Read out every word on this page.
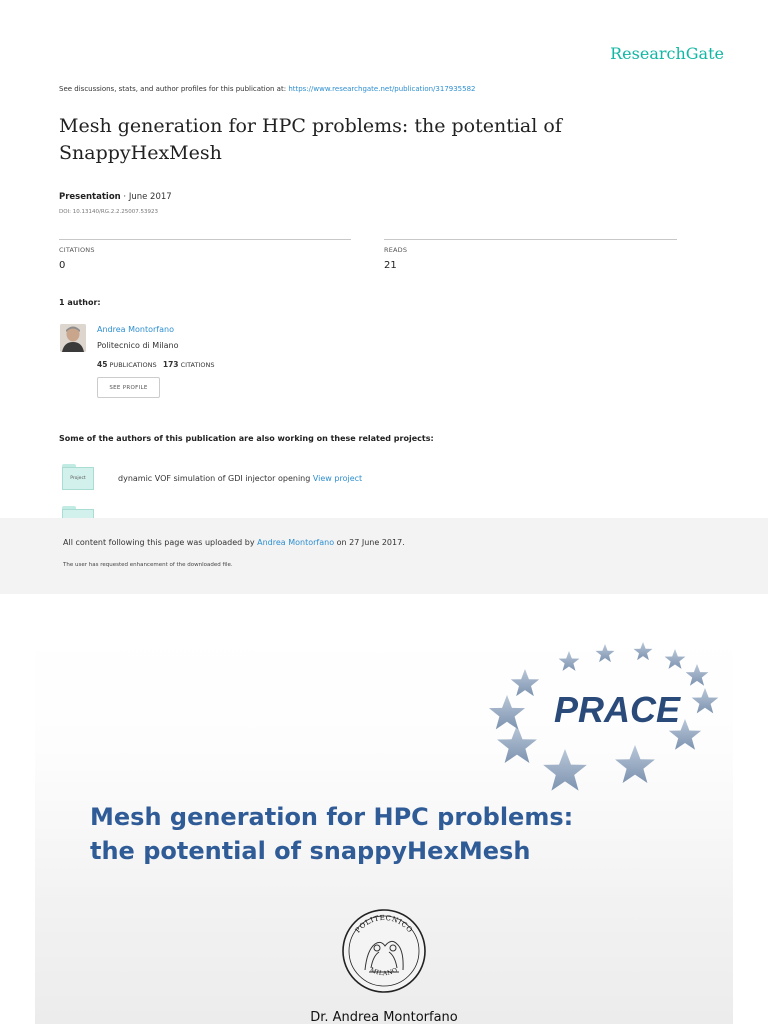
ResearchGate
See discussions, stats, and author profiles for this publication at: https://www.researchgate.net/publication/317935582
Mesh generation for HPC problems: the potential of
SnappyHexMesh
Presentation · June 2017
DOI: 10.13140/RG.2.2.25007.53923
CITATIONS
0
READS
21
1 author:
Andrea Montorfano
Politecnico di Milano
45 PUBLICATIONS 173 CITATIONS
SEE PROFILE
Some of the authors of this publication are also working on these related projects:
Project	dynamic VOF simulation of GDI injector opening View project
All content following this page was uploaded by Andrea Montorfano on 27 June 2017.
The user has requested enhancement of the downloaded file.
PRACE
Mesh generation for HPC problems:
the potential of snappyHexMesh
POLITECNICO
MILANO
Dr. Andrea Montorfano
